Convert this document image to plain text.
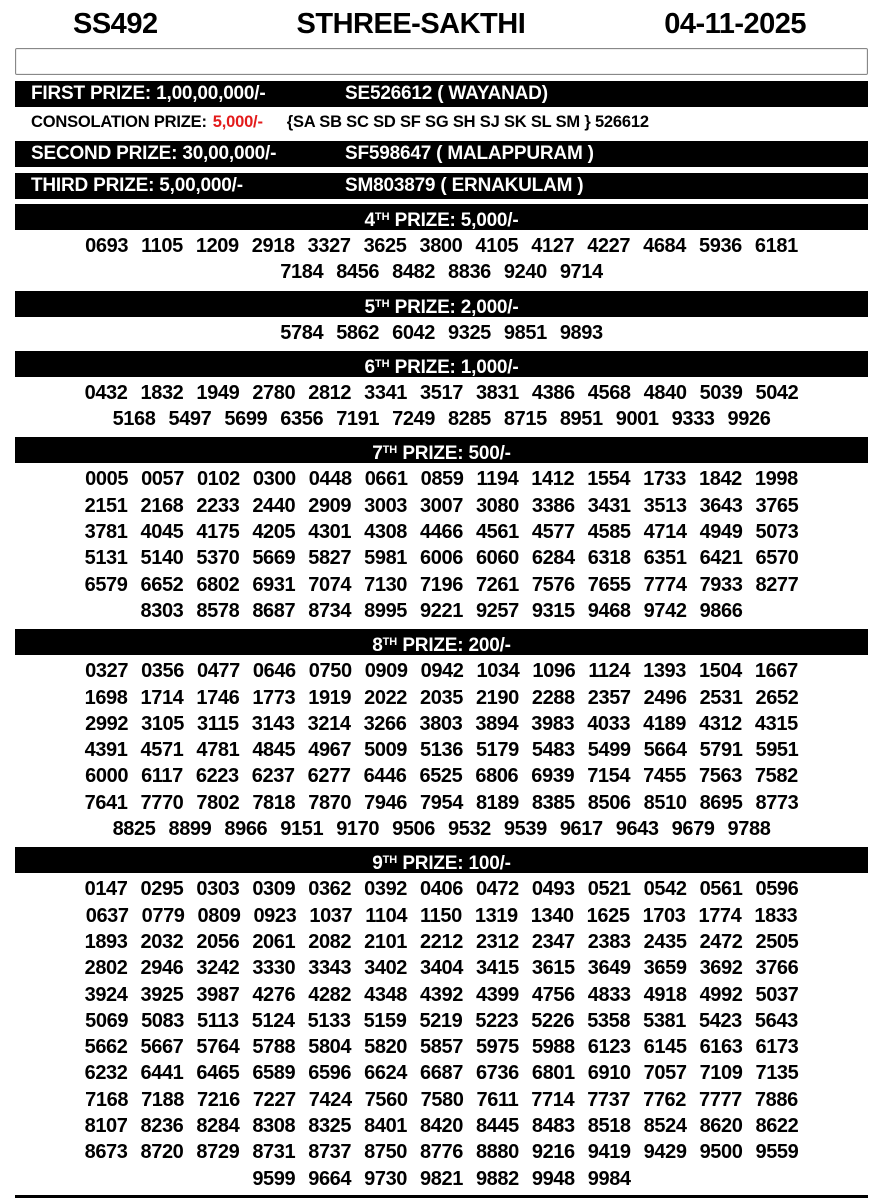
SS492	STHREE-SAKTHI	04-11-2025
FIRST PRIZE: 1,00,00,000/-	SE526612 ( WAYANAD)
CONSOLATION PRIZE: 5,000/- {SA SB SC SD SF SG SH SJ SK SL SM } 526612
SECOND PRIZE: 30,00,000/-	SF598647 ( MALAPPURAM )
THIRD PRIZE: 5,00,000/-	SM803879 ( ERNAKULAM )
4TH PRIZE: 5,000/-
0693 1105 1209 2918 3327 3625 3800 4105 4127 4227 4684 5936 6181
7184 8456 8482 8836 9240 9714
5TH PRIZE: 2,000/-
5784 5862 6042 9325 9851 9893
6TH PRIZE: 1,000/-
0432 1832 1949 2780 2812 3341 3517 3831 4386 4568 4840 5039 5042
5168 5497 5699 6356 7191 7249 8285 8715 8951 9001 9333 9926
7TH PRIZE: 500/-
0005 0057 0102 0300 0448 0661 0859 1194 1412 1554 1733 1842 1998
2151 2168 2233 2440 2909 3003 3007 3080 3386 3431 3513 3643 3765
3781 4045 4175 4205 4301 4308 4466 4561 4577 4585 4714 4949 5073
5131 5140 5370 5669 5827 5981 6006 6060 6284 6318 6351 6421 6570
6579 6652 6802 6931 7074 7130 7196 7261 7576 7655 7774 7933 8277
8303 8578 8687 8734 8995 9221 9257 9315 9468 9742 9866
8TH PRIZE: 200/-
0327 0356 0477 0646 0750 0909 0942 1034 1096 1124 1393 1504 1667
1698 1714 1746 1773 1919 2022 2035 2190 2288 2357 2496 2531 2652
2992 3105 3115 3143 3214 3266 3803 3894 3983 4033 4189 4312 4315
4391 4571 4781 4845 4967 5009 5136 5179 5483 5499 5664 5791 5951
6000 6117 6223 6237 6277 6446 6525 6806 6939 7154 7455 7563 7582
7641 7770 7802 7818 7870 7946 7954 8189 8385 8506 8510 8695 8773
8825 8899 8966 9151 9170 9506 9532 9539 9617 9643 9679 9788
9TH PRIZE: 100/-
0147 0295 0303 0309 0362 0392 0406 0472 0493 0521 0542 0561 0596
0637 0779 0809 0923 1037 1104 1150 1319 1340 1625 1703 1774 1833
1893 2032 2056 2061 2082 2101 2212 2312 2347 2383 2435 2472 2505
2802 2946 3242 3330 3343 3402 3404 3415 3615 3649 3659 3692 3766
3924 3925 3987 4276 4282 4348 4392 4399 4756 4833 4918 4992 5037
5069 5083 5113 5124 5133 5159 5219 5223 5226 5358 5381 5423 5643
5662 5667 5764 5788 5804 5820 5857 5975 5988 6123 6145 6163 6173
6232 6441 6465 6589 6596 6624 6687 6736 6801 6910 7057 7109 7135
7168 7188 7216 7227 7424 7560 7580 7611 7714 7737 7762 7777 7886
8107 8236 8284 8308 8325 8401 8420 8445 8483 8518 8524 8620 8622
8673 8720 8729 8731 8737 8750 8776 8880 9216 9419 9429 9500 9559
9599 9664 9730 9821 9882 9948 9984
